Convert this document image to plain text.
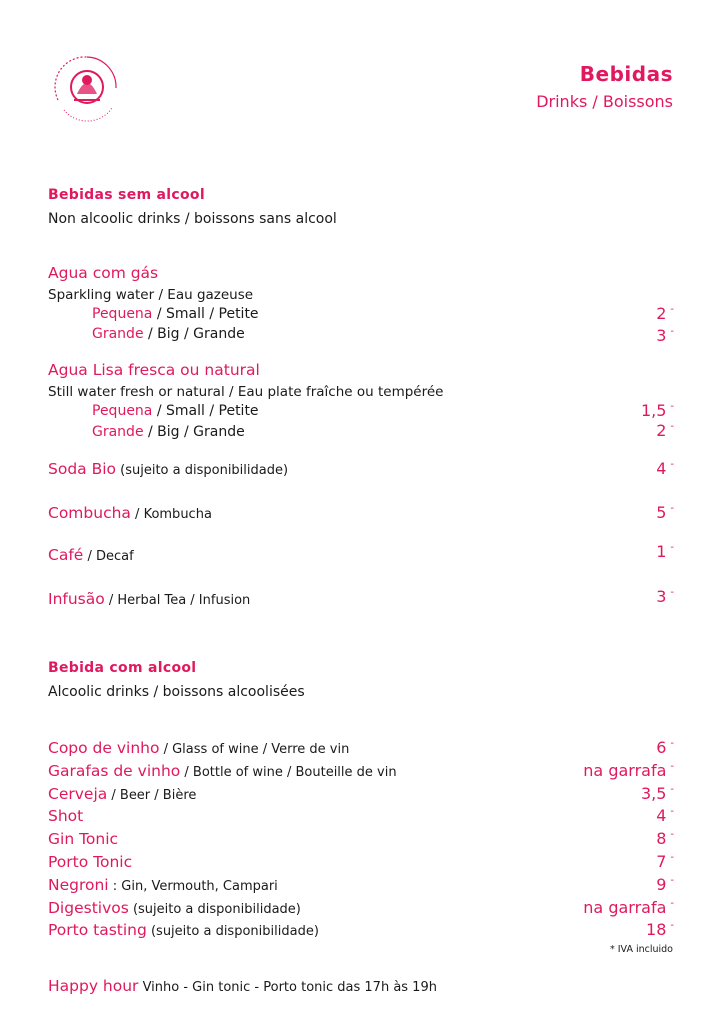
Bebidas
Drinks / Boissons
Bebidas sem alcool
Non alcoolic drinks / boissons sans alcool
Agua com gás
Sparkling water / Eau gazeuse
Pequena / Small / Petite	2 -
Grande / Big / Grande	3 -
Agua Lisa fresca ou natural
Still water fresh or natural / Eau plate fraîche ou tempérée
Pequena / Small / Petite	1,5 -
Grande / Big / Grande	2 -
Soda Bio (sujeito a disponibilidade)	4 -
Combucha / Kombucha	5 -
Café / Decaf	1 -
Infusão / Herbal Tea / Infusion	3 -
Bebida com alcool
Alcoolic drinks / boissons alcoolisées
Copo de vinho / Glass of wine / Verre de vin	6 -
Garafas de vinho / Bottle of wine / Bouteille de vin	na garrafa -
Cerveja / Beer / Bière	3,5 -
Shot	4 -
Gin Tonic	8 -
Porto Tonic	7 -
Negroni : Gin, Vermouth, Campari	9 -
Digestivos (sujeito a disponibilidade)	na garrafa -
Porto tasting (sujeito a disponibilidade)	18 -
* IVA incluido
Happy hour Vinho - Gin tonic - Porto tonic das 17h às 19h
